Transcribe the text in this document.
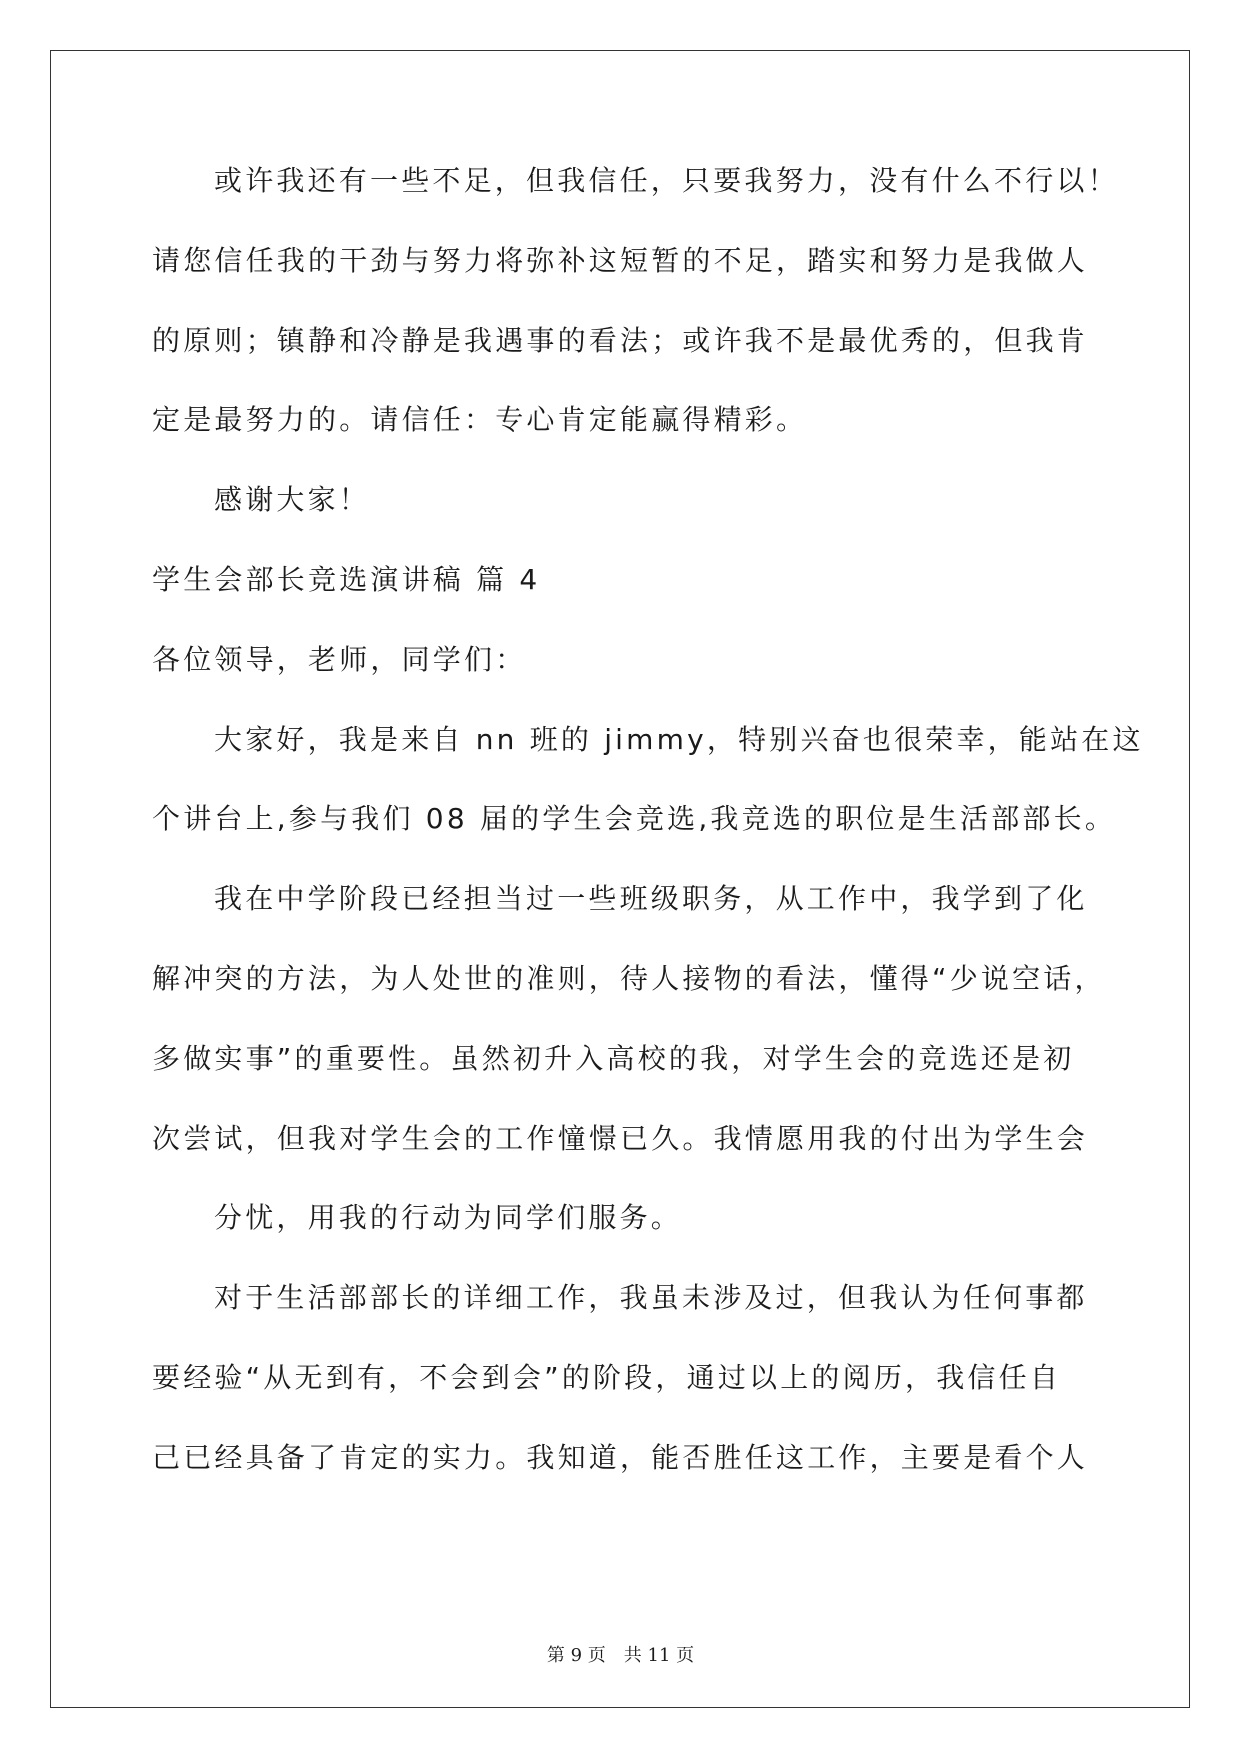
或许我还有一些不足，但我信任，只要我努力，没有什么不行以！
请您信任我的干劲与努力将弥补这短暂的不足，踏实和努力是我做人
的原则；镇静和冷静是我遇事的看法；或许我不是最优秀的，但我肯
定是最努力的。请信任：专心肯定能赢得精彩。
感谢大家！
学生会部长竞选演讲稿 篇 4
各位领导，老师，同学们：
大家好，我是来自 nn 班的 jimmy，特别兴奋也很荣幸，能站在这
个讲台上,参与我们 08 届的学生会竞选,我竞选的职位是生活部部长。
我在中学阶段已经担当过一些班级职务，从工作中，我学到了化
解冲突的方法，为人处世的准则，待人接物的看法，懂得“少说空话，
多做实事”的重要性。虽然初升入高校的我，对学生会的竞选还是初
次尝试，但我对学生会的工作憧憬已久。我情愿用我的付出为学生会
分忧，用我的行动为同学们服务。
对于生活部部长的详细工作，我虽未涉及过，但我认为任何事都
要经验“从无到有，不会到会”的阶段，通过以上的阅历，我信任自
己已经具备了肯定的实力。我知道，能否胜任这工作，主要是看个人
第 9 页 共 11 页
